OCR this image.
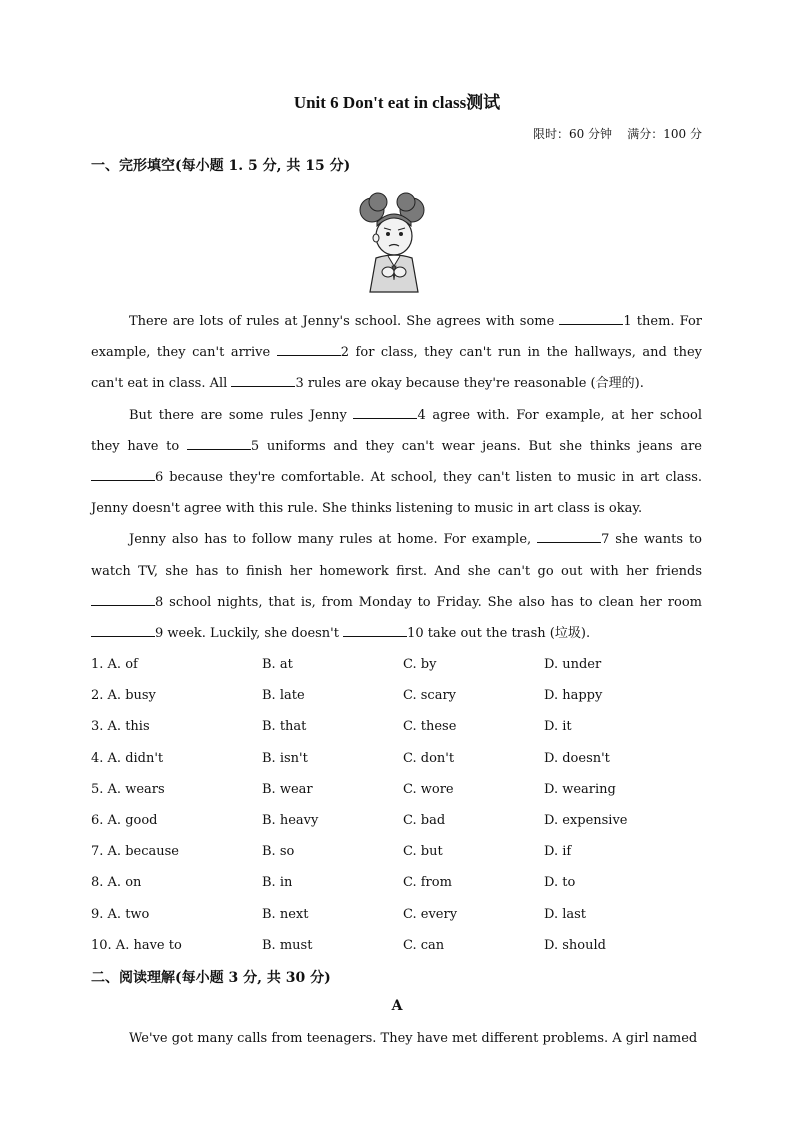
Unit 6 Don't eat in class测试
限时：60 分钟    满分：100 分
一、完形填空(每小题 1. 5 分, 共 15 分)

There are lots of rules at Jenny's school. She agrees with some	1 them. For example, they can't arrive	2 for class, they can't run in the hallways, and they can't eat in class. All	3 rules are okay because they're reasonable (合理的).

But there are some rules Jenny	4 agree with. For example, at her school they have to	5 uniforms and they can't wear jeans. But she thinks jeans are 6 because they're comfortable. At school, they can't listen to music in art class. Jenny doesn't agree with this rule. She thinks listening to music in art class is okay.

Jenny also has to follow many rules at home. For example,	7 she wants to watch TV, she has to finish her homework first. And she can't go out with her friends 8 school nights, that is, from Monday to Friday. She also has to clean her room 9 week. Luckily, she doesn't	10 take out the trash (垃圾).

1. A. of	B. at	C. by	D. under
2. A. busy	B. late	C. scary	D. happy
3. A. this	B. that	C. these	D. it
4. A. didn't	B. isn't	C. don't	D. doesn't
5. A. wears	B. wear	C. wore	D. wearing
6. A. good	B. heavy	C. bad	D. expensive
7. A. because	B. so	C. but	D. if
8. A. on	B. in	C. from	D. to
9. A. two	B. next	C. every	D. last
10. A. have to	B. must	C. can	D. should
二、阅读理解(每小题 3 分, 共 30 分)
A

We've got many calls from teenagers. They have met different problems. A girl named
